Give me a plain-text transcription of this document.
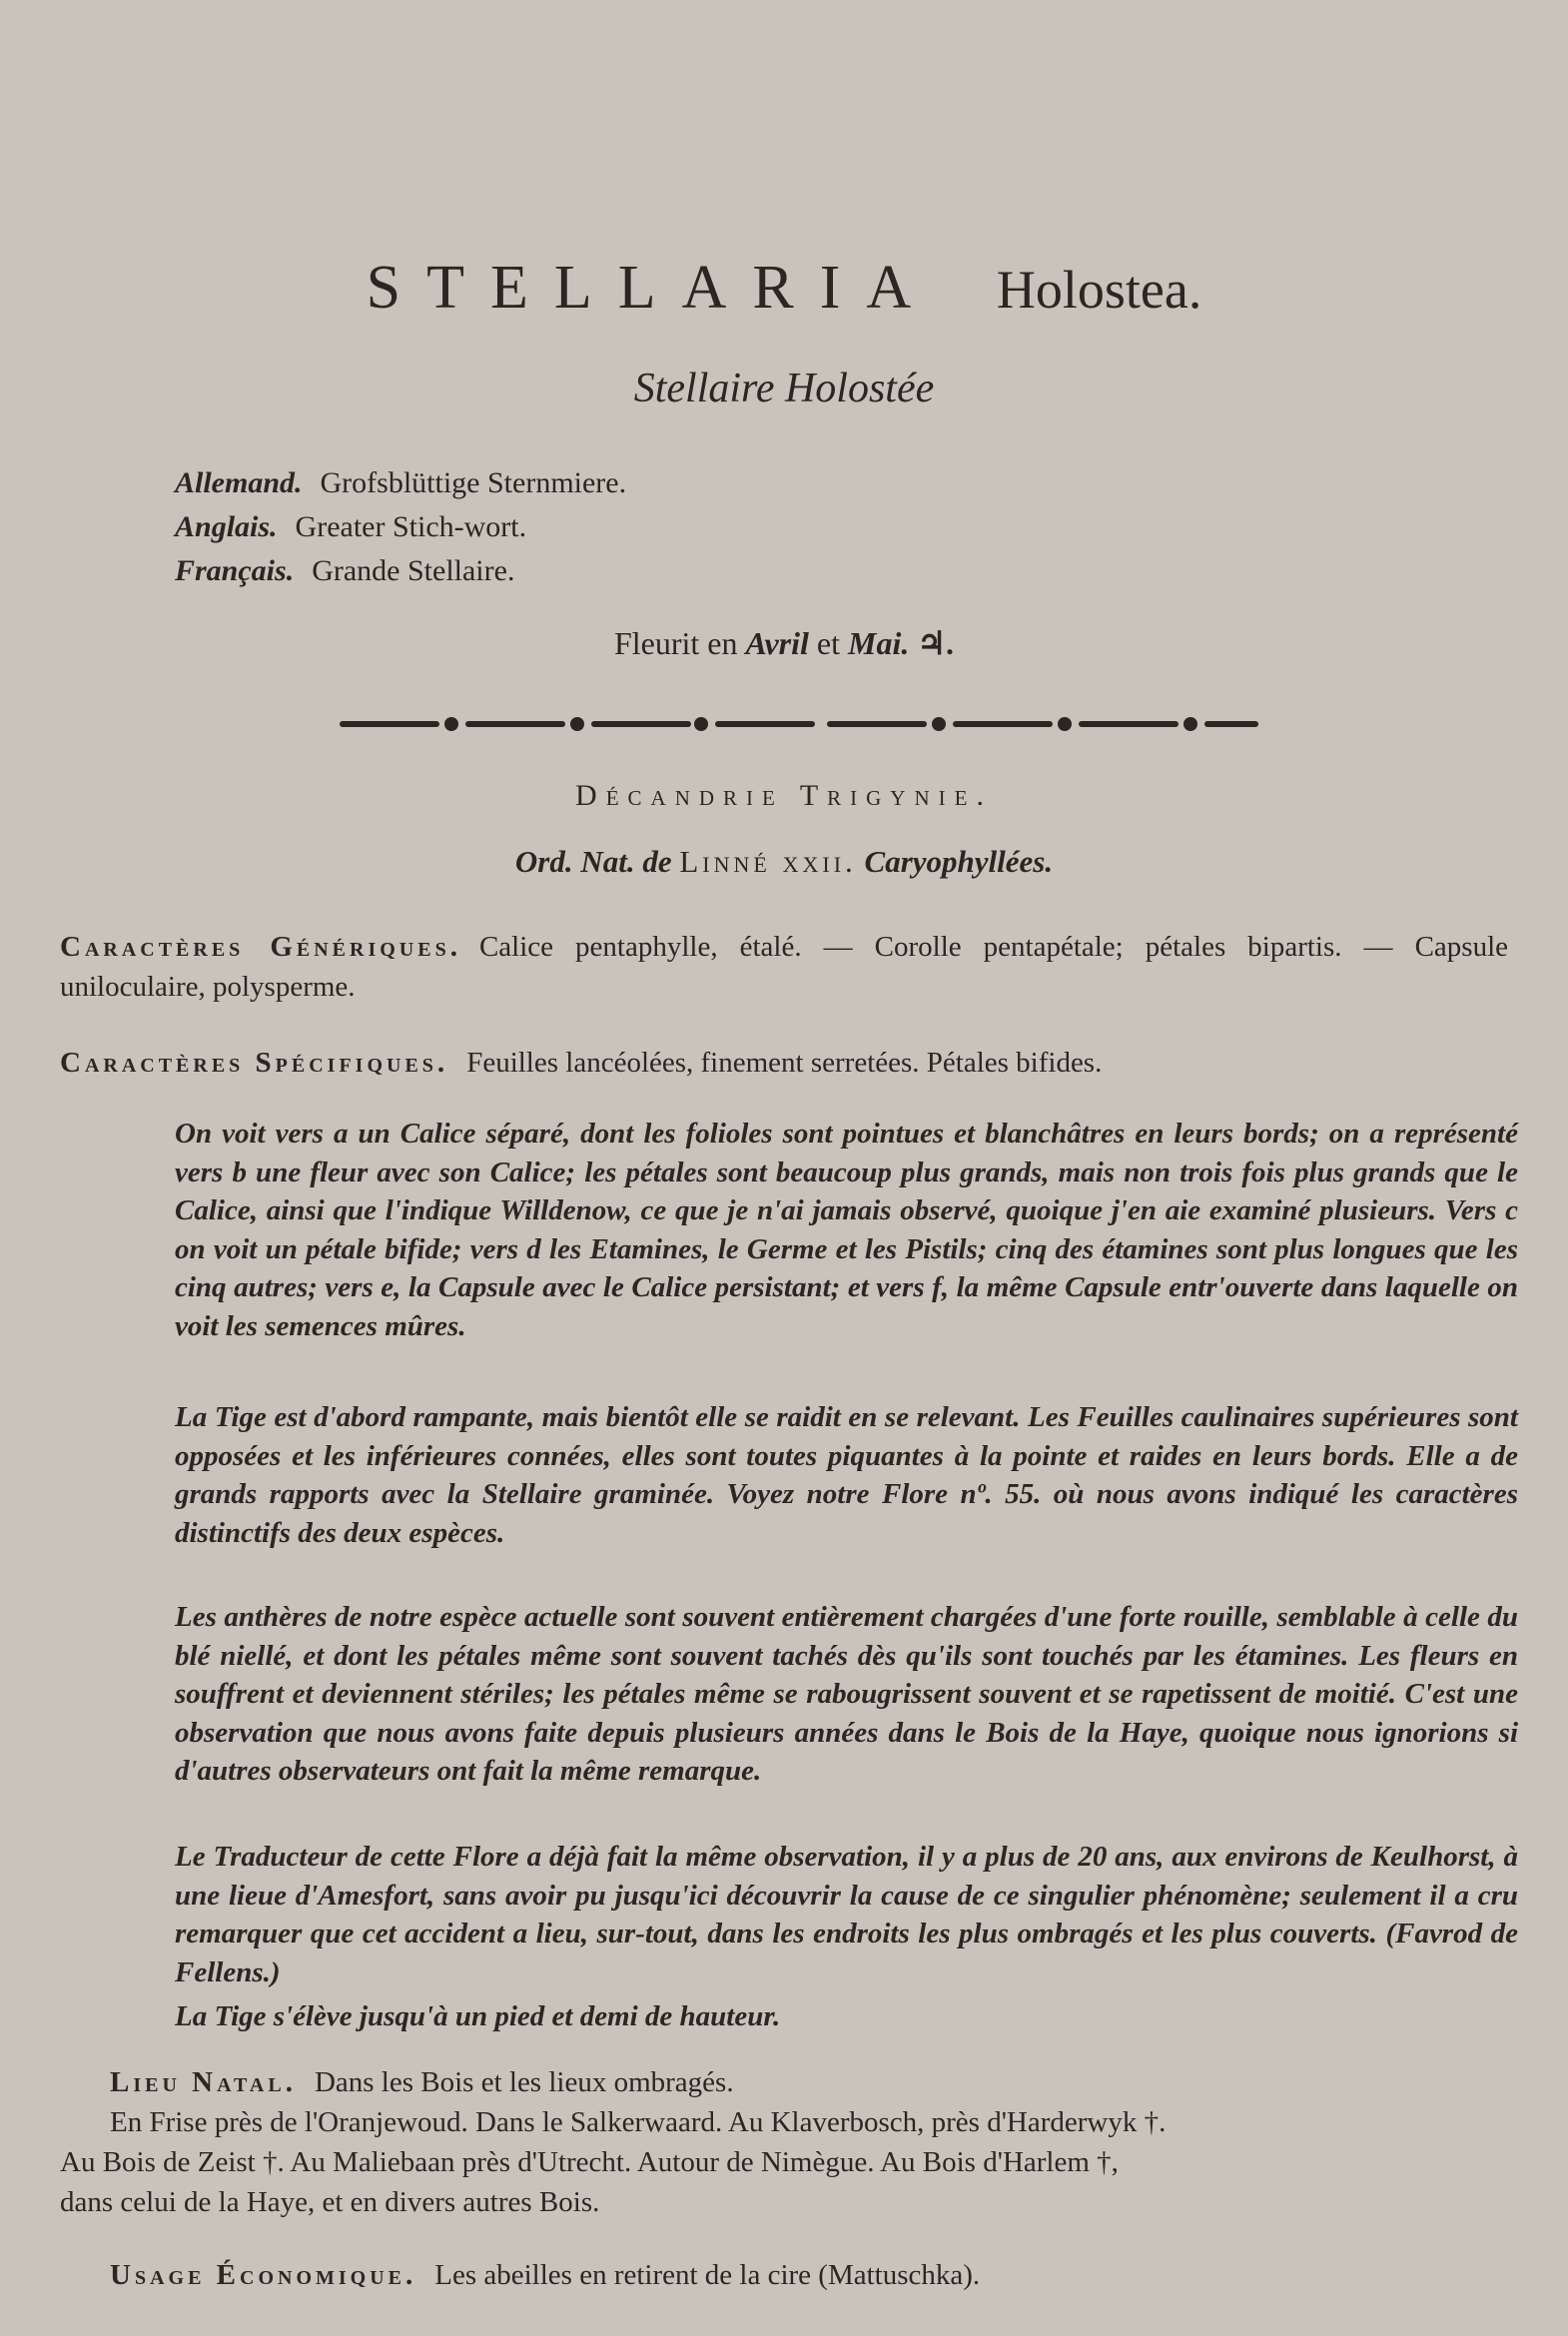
STELLARIA Holostea.
Stellaire Holostée
Allemand. Grofsblüttige Sternmiere.
Anglais. Greater Stich-wort.
Français. Grande Stellaire.
Fleurit en Avril et Mai. ♃.
Décandrie Trigynie.
Ord. Nat. de Linné xxii. Caryophyllées.
Caractères Génériques. Calice pentaphylle, étalé. — Corolle pentapétale; pétales bipartis. — Capsule uniloculaire, polysperme.
Caractères Spécifiques. Feuilles lancéolées, finement serretées. Pétales bifides.
On voit vers a un Calice séparé, dont les folioles sont pointues et blanchâtres en leurs bords; on a représenté vers b une fleur avec son Calice; les pétales sont beaucoup plus grands, mais non trois fois plus grands que le Calice, ainsi que l'indique Willdenow, ce que je n'ai jamais observé, quoique j'en aie examiné plusieurs. Vers c on voit un pétale bifide; vers d les Etamines, le Germe et les Pistils; cinq des étamines sont plus longues que les cinq autres; vers e, la Capsule avec le Calice persistant; et vers f, la même Capsule entr'ouverte dans laquelle on voit les semences mûres.
La Tige est d'abord rampante, mais bientôt elle se raidit en se relevant. Les Feuilles caulinaires supérieures sont opposées et les inférieures connées, elles sont toutes piquantes à la pointe et raides en leurs bords. Elle a de grands rapports avec la Stellaire graminée. Voyez notre Flore nº. 55. où nous avons indiqué les caractères distinctifs des deux espèces.
Les anthères de notre espèce actuelle sont souvent entièrement chargées d'une forte rouille, semblable à celle du blé niellé, et dont les pétales même sont souvent tachés dès qu'ils sont touchés par les étamines. Les fleurs en souffrent et deviennent stériles; les pétales même se rabougrissent souvent et se rapetissent de moitié. C'est une observation que nous avons faite depuis plusieurs années dans le Bois de la Haye, quoique nous ignorions si d'autres observateurs ont fait la même remarque.
Le Traducteur de cette Flore a déjà fait la même observation, il y a plus de 20 ans, aux environs de Keulhorst, à une lieue d'Amesfort, sans avoir pu jusqu'ici découvrir la cause de ce singulier phénomène; seulement il a cru remarquer que cet accident a lieu, sur-tout, dans les endroits les plus ombragés et les plus couverts. (Favrod de Fellens.)
La Tige s'élève jusqu'à un pied et demi de hauteur.
Lieu Natal. Dans les Bois et les lieux ombragés.
En Frise près de l'Oranjewoud. Dans le Salkerwaard. Au Klaverbosch, près d'Harderwyk †.
Au Bois de Zeist †. Au Maliebaan près d'Utrecht. Autour de Nimègue. Au Bois d'Harlem †,
dans celui de la Haye, et en divers autres Bois.
Usage Économique. Les abeilles en retirent de la cire (Mattuschka).
